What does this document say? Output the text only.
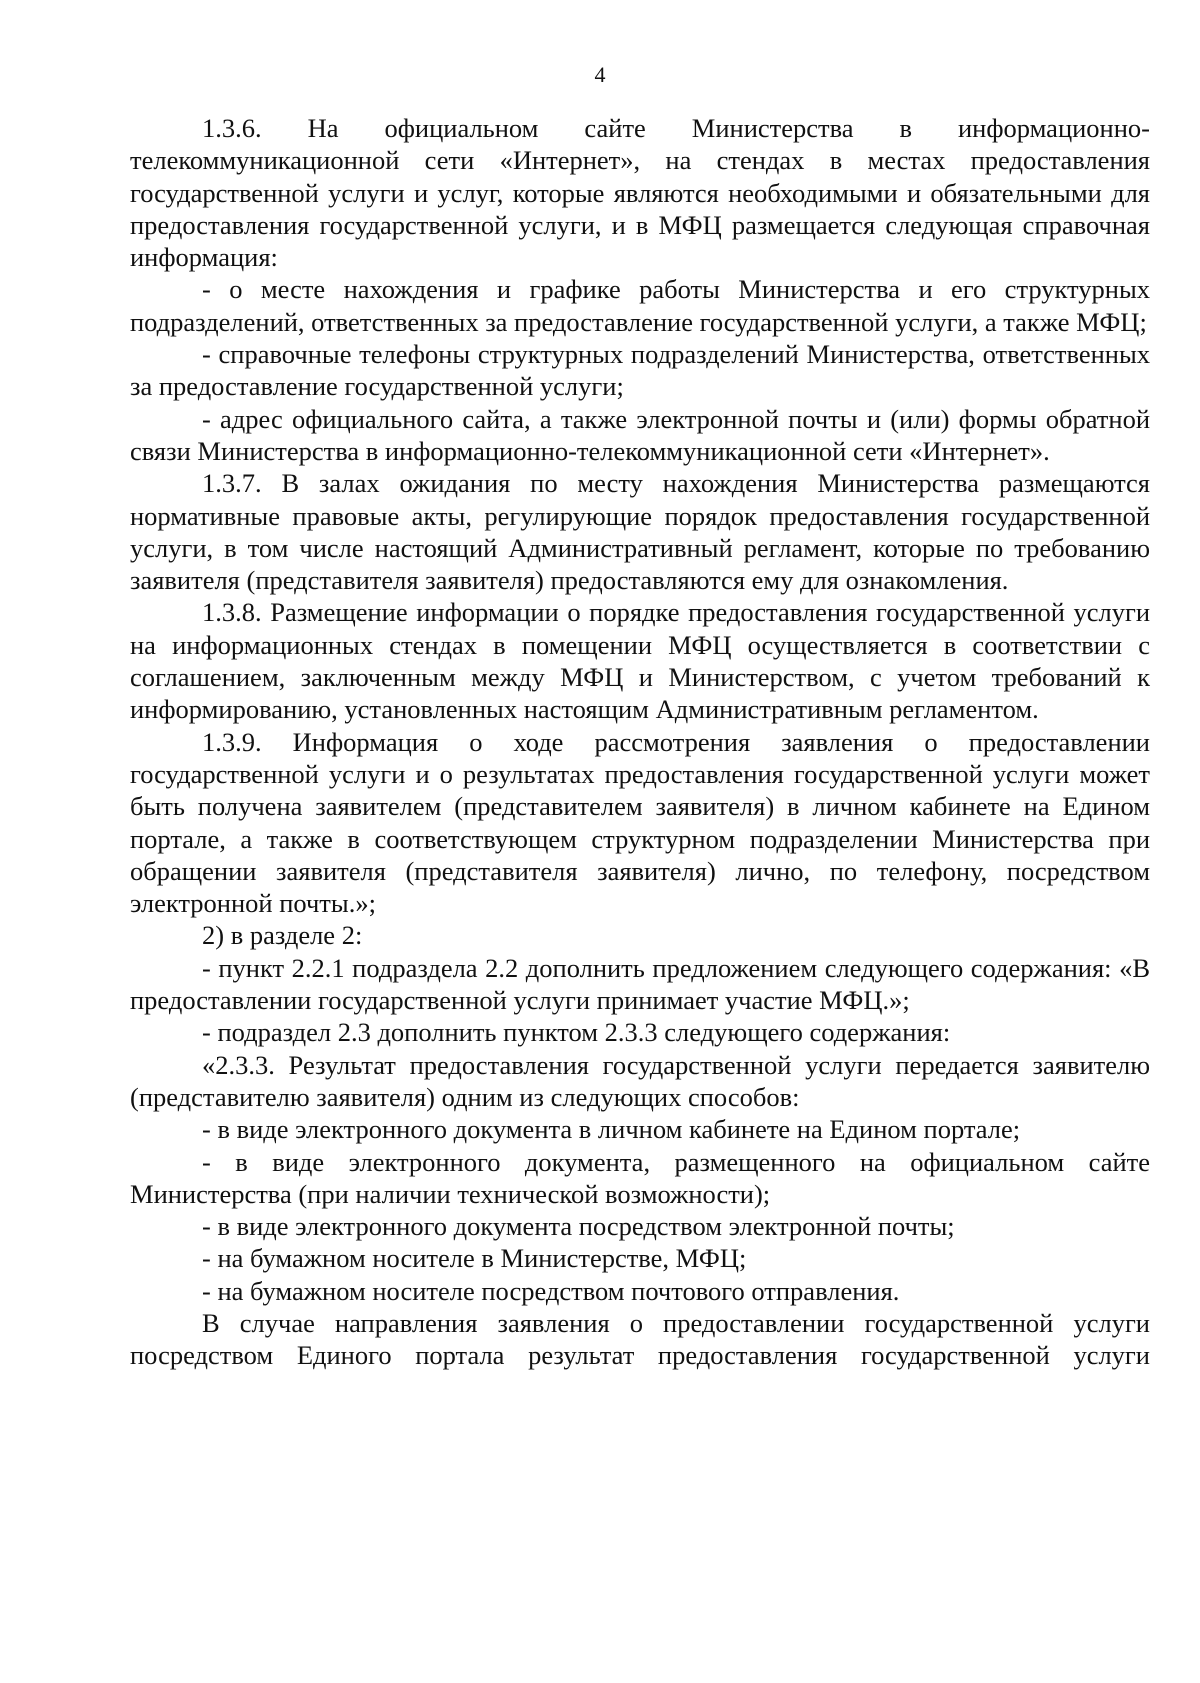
4

1.3.6. На официальном сайте Министерства в информационно-телекоммуникационной сети «Интернет», на стендах в местах предоставления государственной услуги и услуг, которые являются необходимыми и обязательными для предоставления государственной услуги, и в МФЦ размещается следующая справочная информация:

- о месте нахождения и графике работы Министерства и его структурных подразделений, ответственных за предоставление государственной услуги, а также МФЦ;

- справочные телефоны структурных подразделений Министерства, ответственных за предоставление государственной услуги;

- адрес официального сайта, а также электронной почты и (или) формы обратной связи Министерства в информационно-телекоммуникационной сети «Интернет».

1.3.7. В залах ожидания по месту нахождения Министерства размещаются нормативные правовые акты, регулирующие порядок предоставления государственной услуги, в том числе настоящий Административный регламент, которые по требованию заявителя (представителя заявителя) предоставляются ему для ознакомления.

1.3.8. Размещение информации о порядке предоставления государственной услуги на информационных стендах в помещении МФЦ осуществляется в соответствии с соглашением, заключенным между МФЦ и Министерством, с учетом требований к информированию, установленных настоящим Административным регламентом.

1.3.9. Информация о ходе рассмотрения заявления о предоставлении государственной услуги и о результатах предоставления государственной услуги может быть получена заявителем (представителем заявителя) в личном кабинете на Едином портале, а также в соответствующем структурном подразделении Министерства при обращении заявителя (представителя заявителя) лично, по телефону, посредством электронной почты.»;

2) в разделе 2:

- пункт 2.2.1 подраздела 2.2 дополнить предложением следующего содержания: «В предоставлении государственной услуги принимает участие МФЦ.»;

- подраздел 2.3 дополнить пунктом 2.3.3 следующего содержания:

«2.3.3. Результат предоставления государственной услуги передается заявителю (представителю заявителя) одним из следующих способов:

- в виде электронного документа в личном кабинете на Едином портале;

- в виде электронного документа, размещенного на официальном сайте Министерства (при наличии технической возможности);

- в виде электронного документа посредством электронной почты;

- на бумажном носителе в Министерстве, МФЦ;

- на бумажном носителе посредством почтового отправления.

В случае направления заявления о предоставлении государственной услуги посредством Единого портала результат предоставления государственной услуги
